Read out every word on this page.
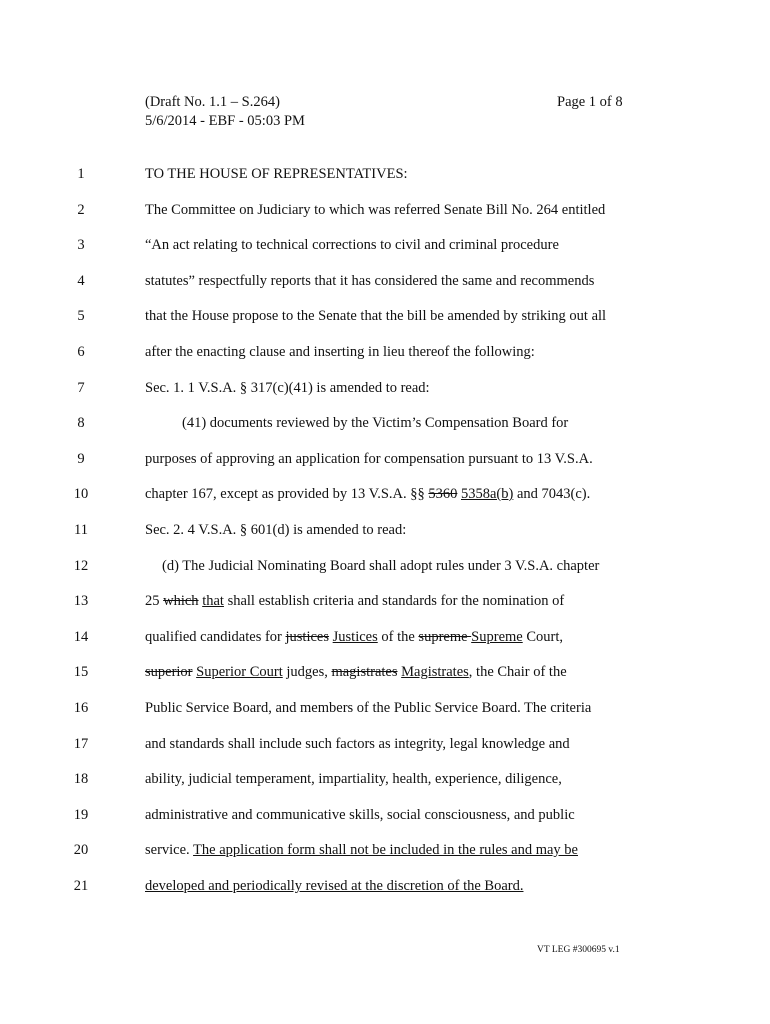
(Draft No. 1.1 – S.264)
5/6/2014 - EBF - 05:03 PM
Page 1 of 8
1	TO THE HOUSE OF REPRESENTATIVES:
2	The Committee on Judiciary to which was referred Senate Bill No. 264 entitled
3	“An act relating to technical corrections to civil and criminal procedure
4	statutes” respectfully reports that it has considered the same and recommends
5	that the House propose to the Senate that the bill be amended by striking out all
6	after the enacting clause and inserting in lieu thereof the following:
7	Sec. 1. 1 V.S.A. § 317(c)(41) is amended to read:
8	(41) documents reviewed by the Victim’s Compensation Board for
9	purposes of approving an application for compensation pursuant to 13 V.S.A.
10	chapter 167, except as provided by 13 V.S.A. §§ 5360 5358a(b) and 7043(c).
11	Sec. 2. 4 V.S.A. § 601(d) is amended to read:
12	(d) The Judicial Nominating Board shall adopt rules under 3 V.S.A. chapter
13	25 which that shall establish criteria and standards for the nomination of
14	qualified candidates for justices Justices of the supreme Supreme Court,
15	superior Superior Court judges, magistrates Magistrates, the Chair of the
16	Public Service Board, and members of the Public Service Board. The criteria
17	and standards shall include such factors as integrity, legal knowledge and
18	ability, judicial temperament, impartiality, health, experience, diligence,
19	administrative and communicative skills, social consciousness, and public
20	service. The application form shall not be included in the rules and may be
21	developed and periodically revised at the discretion of the Board.
VT LEG #300695 v.1
